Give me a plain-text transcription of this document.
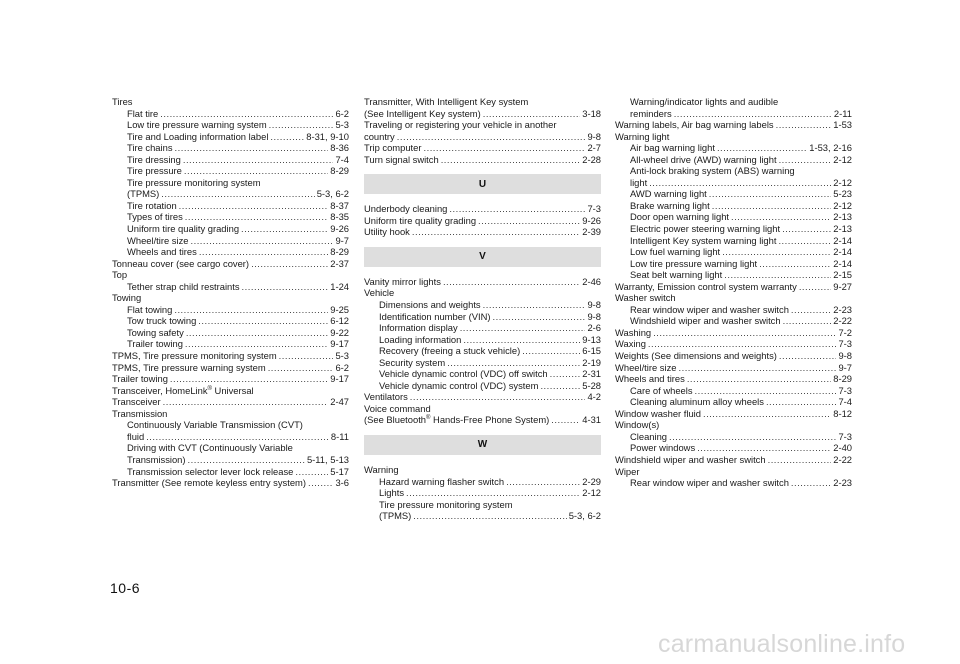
Tires
Flat tire .....	6-2
Low tire pressure warning system .....	5-3
Tire and Loading information label .....	8-31, 9-10
Tire chains .....	8-36
Tire dressing .....	7-4
Tire pressure .....	8-29
Tire pressure monitoring system
(TPMS) .....	5-3, 6-2
Tire rotation .....	8-37
Types of tires .....	8-35
Uniform tire quality grading .....	9-26
Wheel/tire size .....	9-7
Wheels and tires .....	8-29
Tonneau cover (see cargo cover) .....	2-37
Top
Tether strap child restraints .....	1-24
Towing
Flat towing .....	9-25
Tow truck towing .....	6-12
Towing safety .....	9-22
Trailer towing .....	9-17
TPMS, Tire pressure monitoring system .....	5-3
TPMS, Tire pressure warning system .....	6-2
Trailer towing .....	9-17
Transceiver, HomeLink® Universal
Transceiver .....	2-47
Transmission
Continuously Variable Transmission (CVT)
fluid .....	8-11
Driving with CVT (Continuously Variable
Transmission) .....	5-11, 5-13
Transmission selector lever lock release .....	5-17
Transmitter (See remote keyless entry system) .....	3-6
Transmitter, With Intelligent Key system
(See Intelligent Key system) .....	3-18
Traveling or registering your vehicle in another
country .....	9-8
Trip computer .....	2-7
Turn signal switch .....	2-28
U
Underbody cleaning .....	7-3
Uniform tire quality grading .....	9-26
Utility hook .....	2-39
V
Vanity mirror lights .....	2-46
Vehicle
Dimensions and weights .....	9-8
Identification number (VIN) .....	9-8
Information display .....	2-6
Loading information .....	9-13
Recovery (freeing a stuck vehicle) .....	6-15
Security system .....	2-19
Vehicle dynamic control (VDC) off switch .....	2-31
Vehicle dynamic control (VDC) system .....	5-28
Ventilators .....	4-2
Voice command
(See Bluetooth® Hands-Free Phone System) .....	4-31
W
Warning
Hazard warning flasher switch .....	2-29
Lights .....	2-12
Tire pressure monitoring system
(TPMS) .....	5-3, 6-2
Warning/indicator lights and audible
reminders .....	2-11
Warning labels, Air bag warning labels .....	1-53
Warning light
Air bag warning light .....	1-53, 2-16
All-wheel drive (AWD) warning light .....	2-12
Anti-lock braking system (ABS) warning
light .....	2-12
AWD warning light .....	5-23
Brake warning light .....	2-12
Door open warning light .....	2-13
Electric power steering warning light .....	2-13
Intelligent Key system warning light .....	2-14
Low fuel warning light .....	2-14
Low tire pressure warning light .....	2-14
Seat belt warning light .....	2-15
Warranty, Emission control system warranty .....	9-27
Washer switch
Rear window wiper and washer switch .....	2-23
Windshield wiper and washer switch .....	2-22
Washing .....	7-2
Waxing .....	7-3
Weights (See dimensions and weights) .....	9-8
Wheel/tire size .....	9-7
Wheels and tires .....	8-29
Care of wheels .....	7-3
Cleaning aluminum alloy wheels .....	7-4
Window washer fluid .....	8-12
Window(s)
Cleaning .....	7-3
Power windows .....	2-40
Windshield wiper and washer switch .....	2-22
Wiper
Rear window wiper and washer switch .....	2-23
10-6
carmanualsonline.info
